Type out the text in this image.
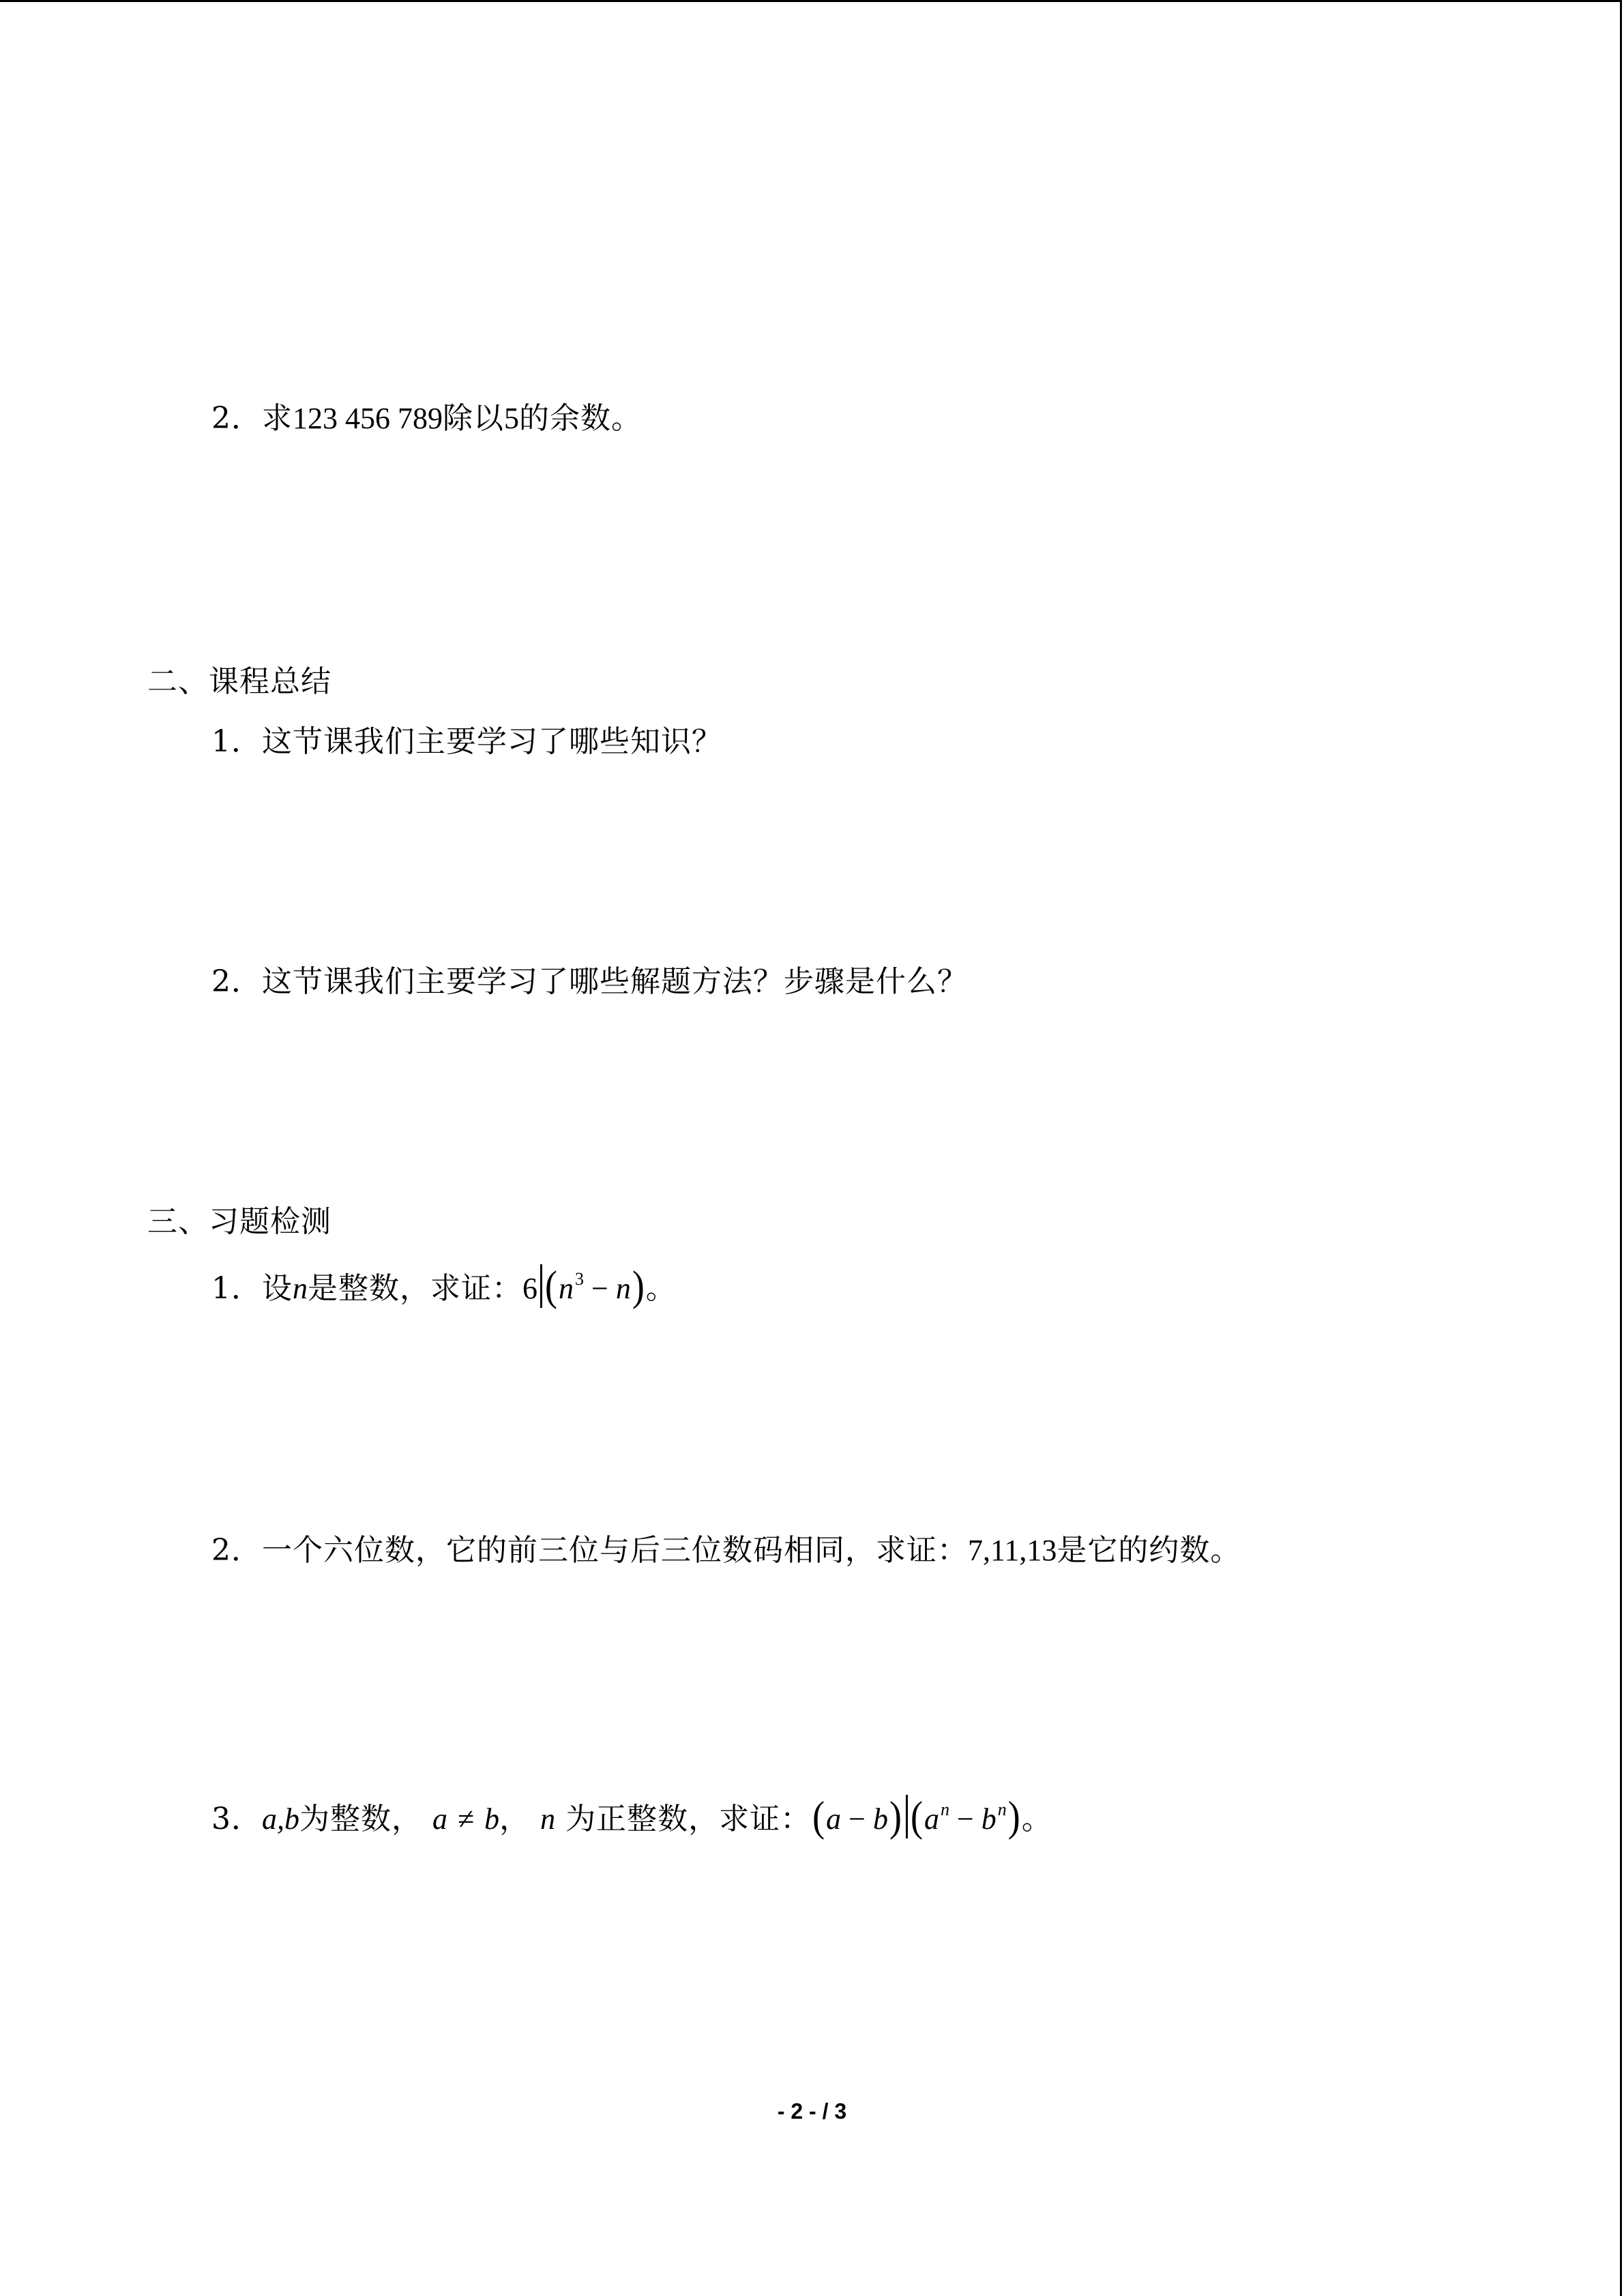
2．求123 456 789除以5的余数。
二、课程总结
1．这节课我们主要学习了哪些知识？
2．这节课我们主要学习了哪些解题方法？步骤是什么？
三、习题检测
1．设n是整数，求证：6 $(n^3 - n)$。
2．一个六位数，它的前三位与后三位数码相同，求证：7,11,13是它的约数。
3．a,b为整数， a ≠ b， n 为正整数，求证：(a − b) $(a^n - b^n)$。
- 2 - / 3
